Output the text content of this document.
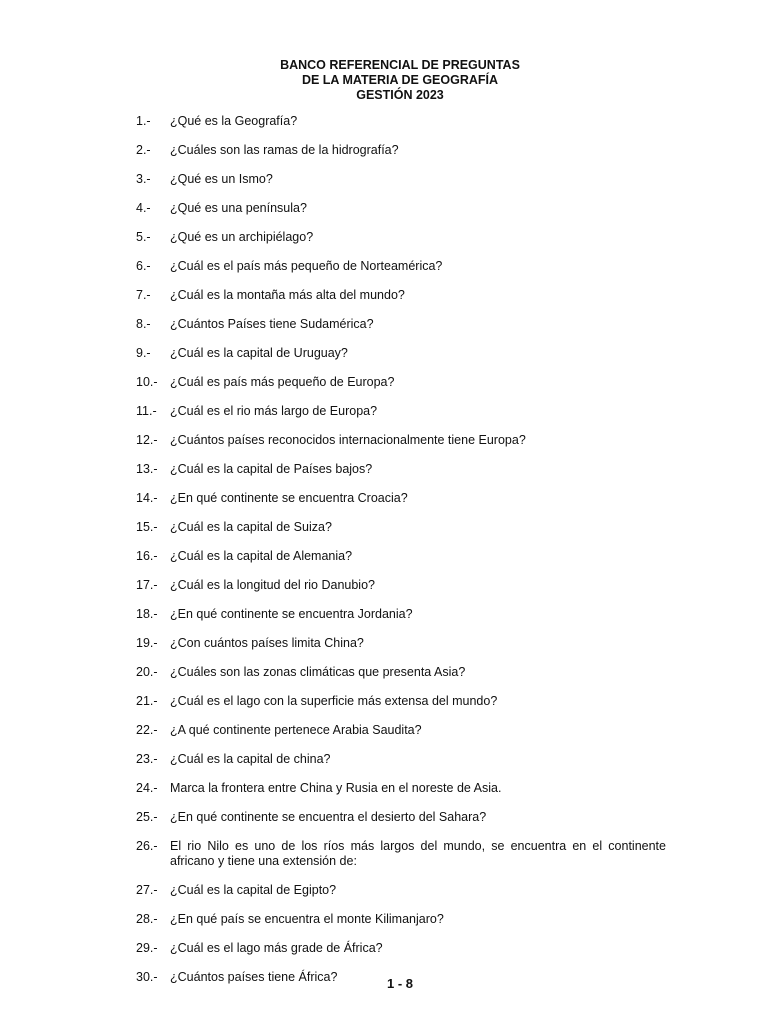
BANCO REFERENCIAL DE PREGUNTAS
DE LA MATERIA DE GEOGRAFÍA
GESTIÓN 2023
1.-	¿Qué es la Geografía?
2.-	¿Cuáles son las ramas de la hidrografía?
3.-	¿Qué es un Ismo?
4.-	¿Qué es una península?
5.-	¿Qué es un archipiélago?
6.-	¿Cuál es el país más pequeño de Norteamérica?
7.-	¿Cuál es la montaña más alta del mundo?
8.-	¿Cuántos Países tiene Sudamérica?
9.-	¿Cuál es la capital de Uruguay?
10.- ¿Cuál es país más pequeño de Europa?
11.-	¿Cuál es el rio más largo de Europa?
12.- ¿Cuántos países reconocidos internacionalmente tiene Europa?
13.- ¿Cuál es la capital de Países bajos?
14.- ¿En qué continente se encuentra Croacia?
15.- ¿Cuál es la capital de Suiza?
16.- ¿Cuál es la capital de Alemania?
17.- ¿Cuál es la longitud del rio Danubio?
18.- ¿En qué continente se encuentra Jordania?
19.- ¿Con cuántos países limita China?
20.- ¿Cuáles son las zonas climáticas que presenta Asia?
21.- ¿Cuál es el lago con la superficie más extensa del mundo?
22.- ¿A qué continente pertenece Arabia Saudita?
23.- ¿Cuál es la capital de china?
24.- Marca la frontera entre China y Rusia en el noreste de Asia.
25.- ¿En qué continente se encuentra el desierto del Sahara?
26.- El rio Nilo es uno de los ríos más largos del mundo, se encuentra en el continente africano y tiene una extensión de:
27.- ¿Cuál es la capital de Egipto?
28.- ¿En qué país se encuentra el monte Kilimanjaro?
29.- ¿Cuál es el lago más grade de África?
30.- ¿Cuántos países tiene África?	1 - 8
